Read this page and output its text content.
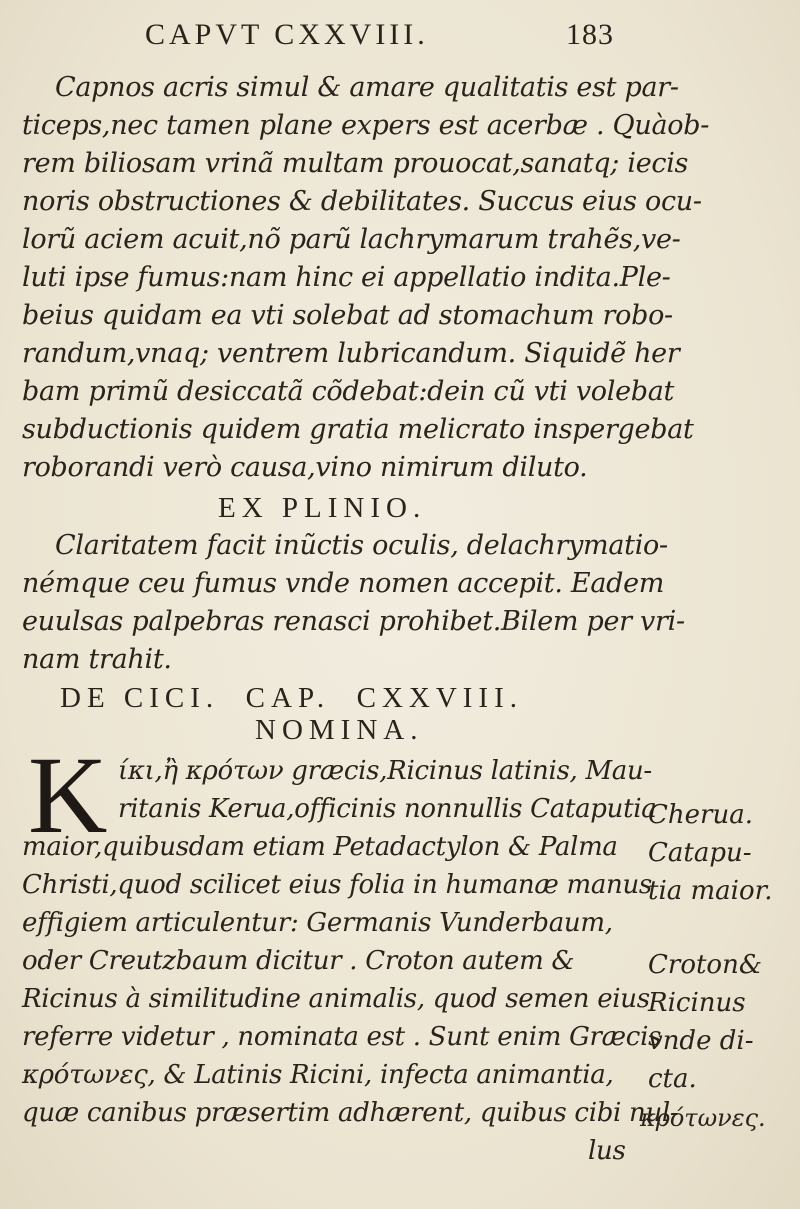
CAPVT CXXVIII.	183
Capnos acris simul & amare qualitatis est par-
ticeps,nec tamen plane expers est acerbæ . Quàob-
rem biliosam vrinã multam prouocat,sanatq; iecis
noris obstructiones & debilitates. Succus eius ocu-
lorũ aciem acuit,nõ parũ lachrymarum trahẽs,ve-
luti ipse fumus:nam hinc ei appellatio indita.Ple-
beius quidam ea vti solebat ad stomachum robo-
randum,vnaq; ventrem lubricandum. Siquidẽ her
bam primũ desiccatã cõdebat:dein cũ vti volebat
subductionis quidem gratia melicrato inspergebat
roborandi verò causa,vino nimirum diluto.
EX PLINIO.
Claritatem facit inũctis oculis, delachrymatio-
némque ceu fumus vnde nomen accepit. Eadem
euulsas palpebras renasci prohibet.Bilem per vri-
nam trahit.
DE CICI.  CAP.  CXXVIII.
NOMINA.
K ίκι,ἢ κρότων græcis,Ricinus latinis, Mau-
ritanis Kerua,officinis nonnullis Cataputia
maior,quibusdam etiam Petadactylon & Palma
Christi,quod scilicet eius folia in humanæ manus
effigiem articulentur: Germanis Vunderbaum,
oder Creutzbaum dicitur . Croton autem &
Ricinus à similitudine animalis, quod semen eius
referre videtur , nominata est . Sunt enim Græcis
κρότωνες, & Latinis Ricini, infecta animantia,
quæ canibus præsertim adhærent, quibus cibi nul-
lus
Cherua.
Catapu-
tia maior.
Croton&
Ricinus
vnde di-
cta.
κρότωνες.
